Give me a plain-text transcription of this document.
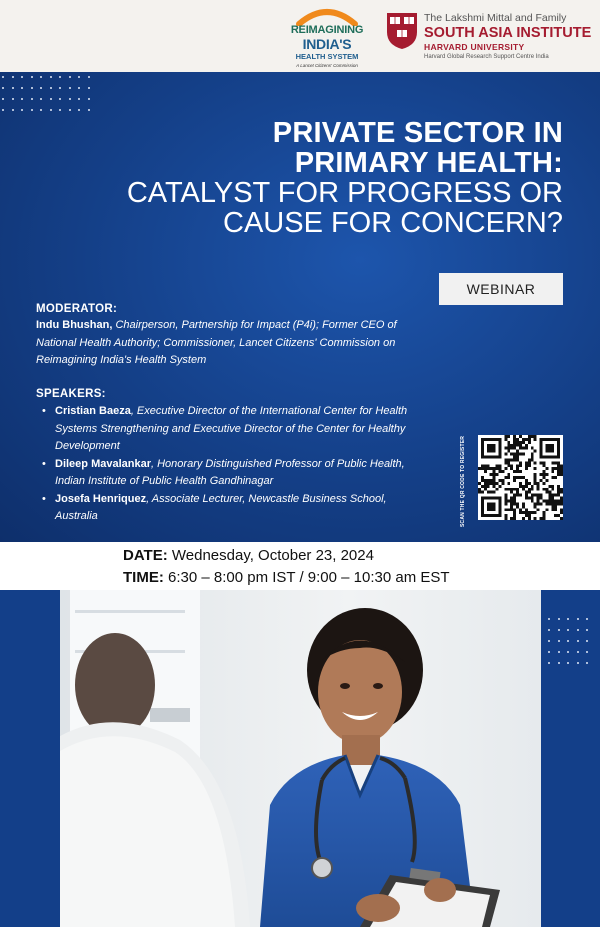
REIMAGINING
INDIA'S
HEALTH SYSTEM
A Lancet Citizens' Commission
The Lakshmi Mittal and Family
SOUTH ASIA INSTITUTE
HARVARD UNIVERSITY
Harvard Global Research Support Centre India
PRIVATE SECTOR IN
PRIMARY HEALTH:
CATALYST FOR PROGRESS OR
CAUSE FOR CONCERN?
WEBINAR
MODERATOR:
Indu Bhushan, Chairperson, Partnership for Impact (P4i); Former CEO of National Health Authority; Commissioner, Lancet Citizens' Commission on Reimagining India's Health System
SPEAKERS:
• Cristian Baeza, Executive Director of the International Center for Health Systems Strengthening and Executive Director of the Center for Healthy Development
• Dileep Mavalankar, Honorary Distinguished Professor of Public Health, Indian Institute of Public Health Gandhinagar
• Josefa Henriquez, Associate Lecturer, Newcastle Business School, Australia	SCAN THE QR CODE TO REGISTER
DATE: Wednesday, October 23, 2024
TIME: 6:30 – 8:00 pm IST / 9:00 – 10:30 am EST
